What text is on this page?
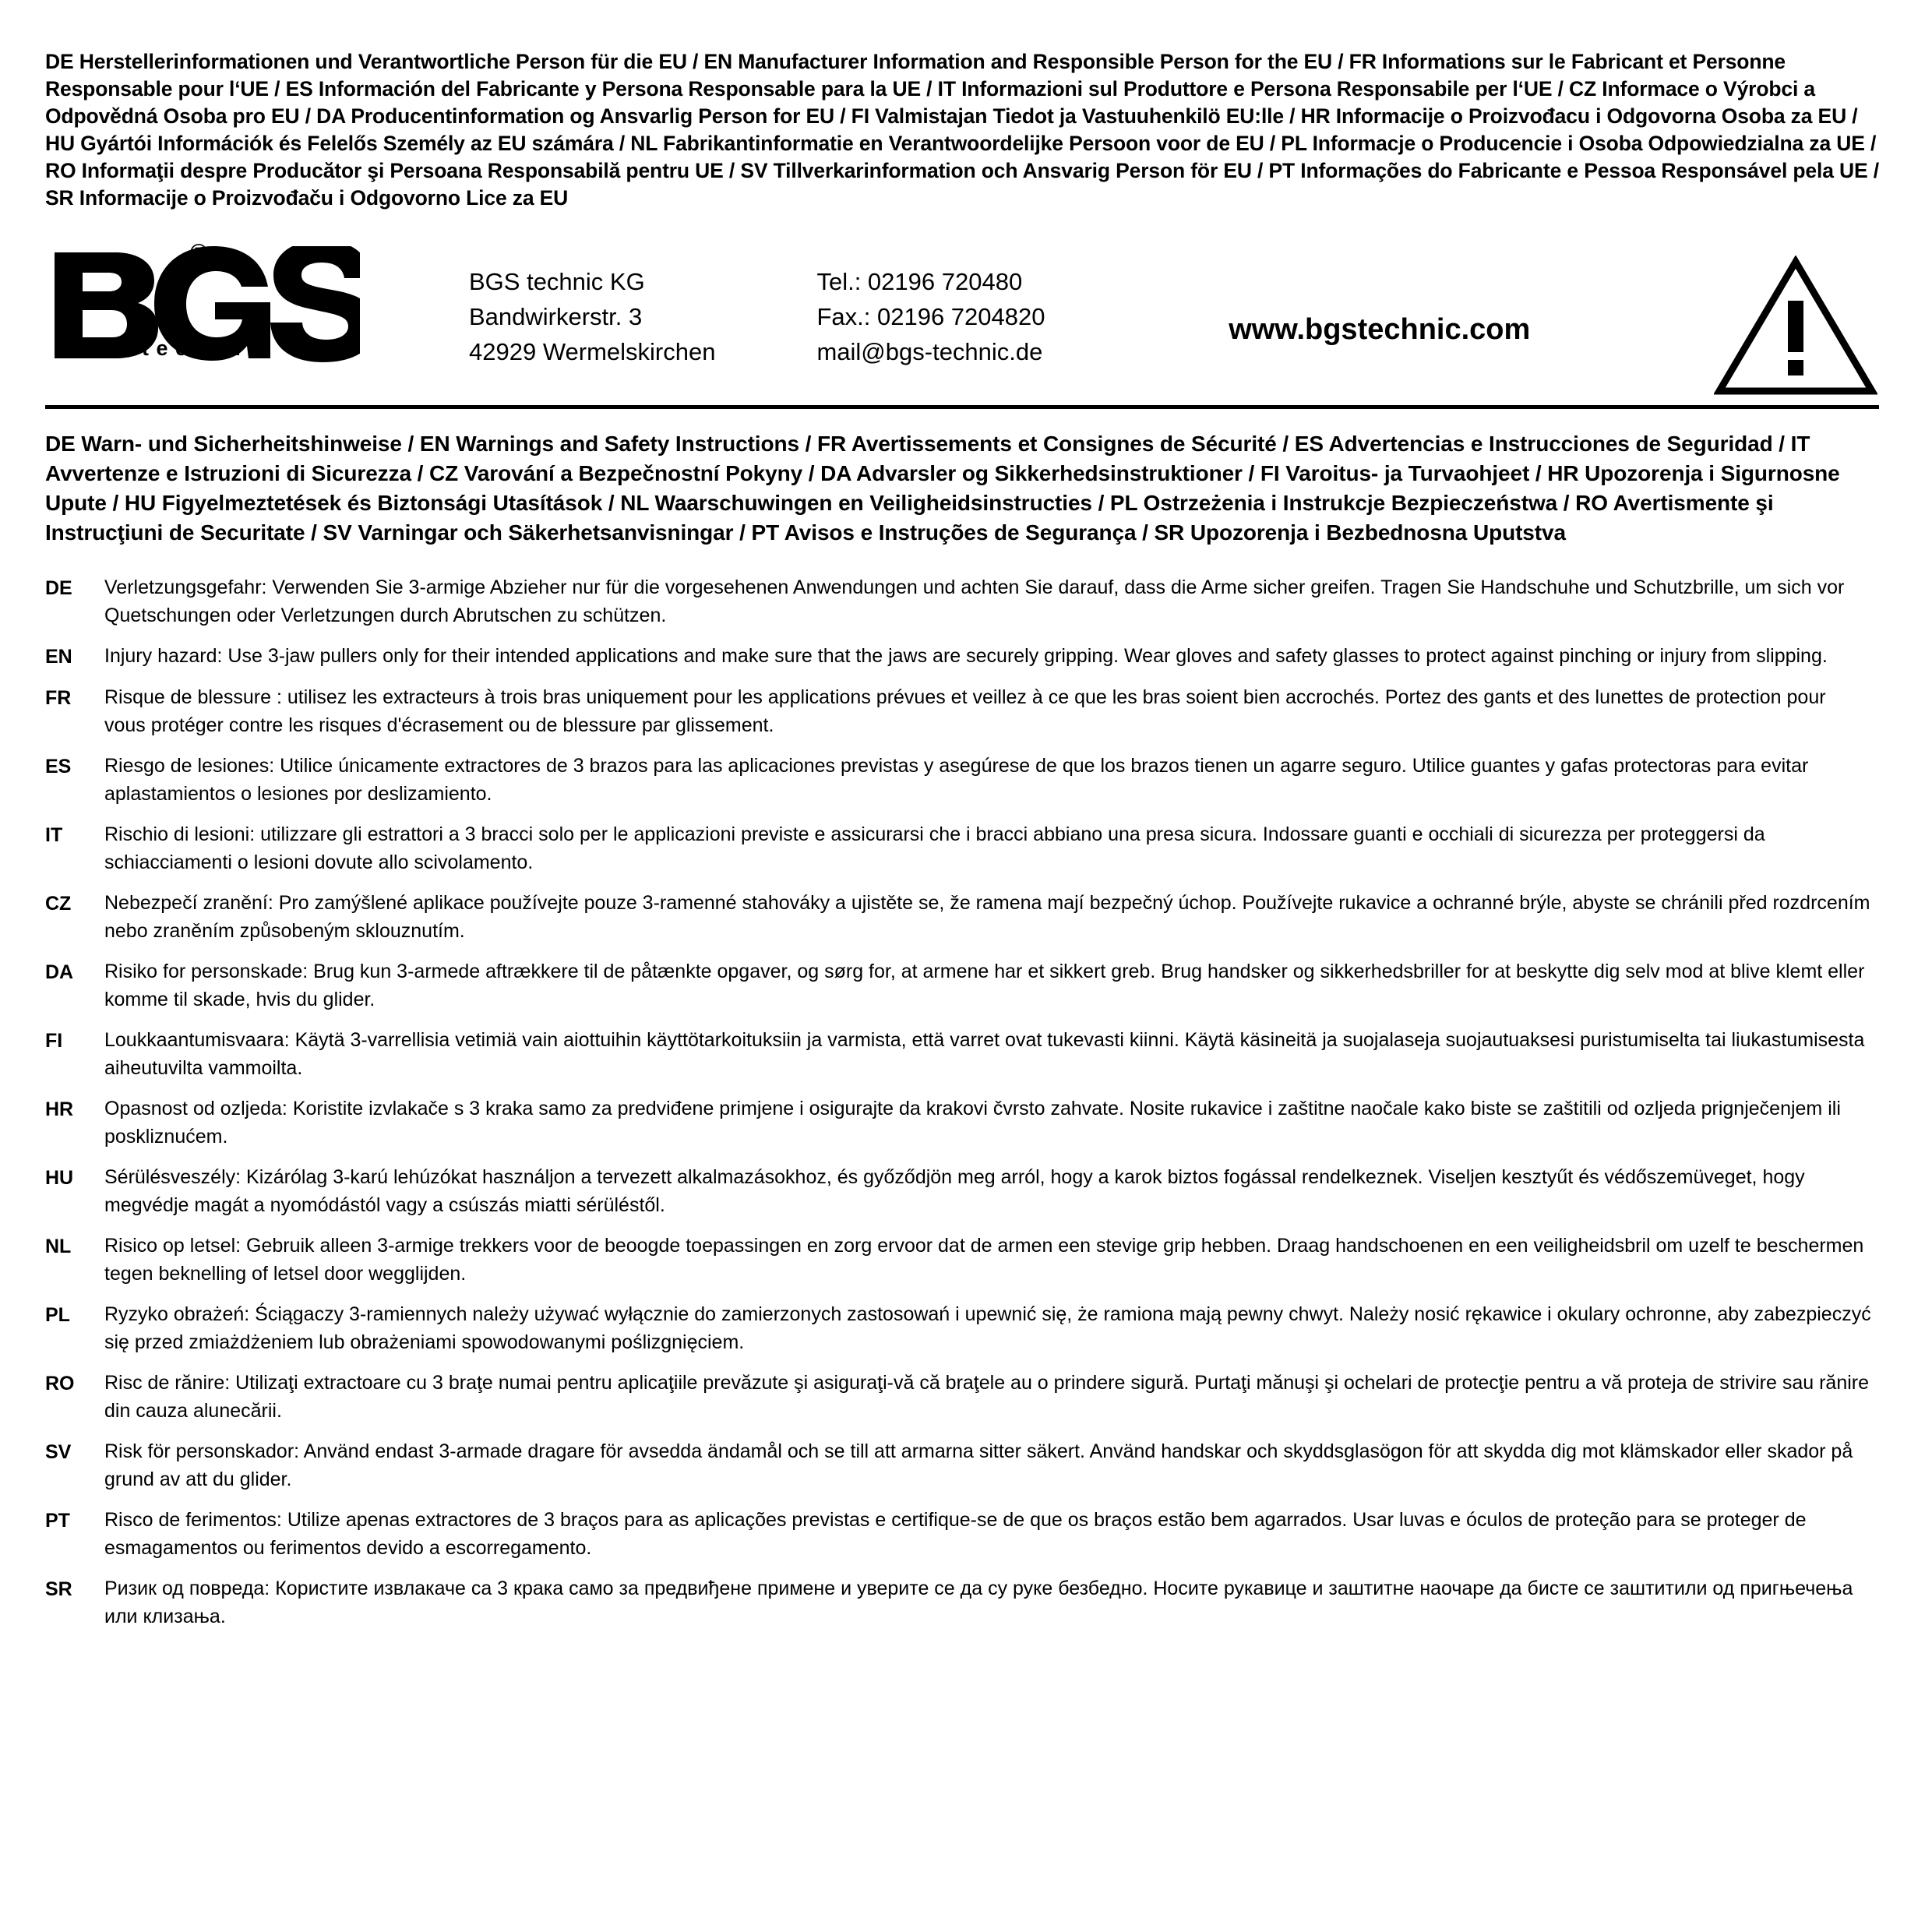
DE Herstellerinformationen und Verantwortliche Person für die EU / EN Manufacturer Information and Responsible Person for the EU / FR Informations sur le Fabricant et Personne Responsable pour l‘UE / ES Información del Fabricante y Persona Responsable para la UE / IT Informazioni sul Produttore e Persona Responsabile per l‘UE / CZ Informace o Výrobci a Odpovědná Osoba pro EU / DA Producentinformation og Ansvarlig Person for EU / FI Valmistajan Tiedot ja Vastuuhenkilö EU:lle / HR Informacije o Proizvođacu i Odgovorna Osoba za EU / HU Gyártói Információk és Felelős Személy az EU számára / NL Fabrikantinformatie en Verantwoordelijke Persoon voor de EU / PL Informacje o Producencie i Osoba Odpowiedzialna za UE / RO Informaţii despre Producător şi Persoana Responsabilă pentru UE / SV Tillverkarinformation och Ansvarig Person för EU / PT Informações do Fabricante e Pessoa Responsável pela UE / SR Informacije o Proizvođaču i Odgovorno Lice za EU
®
t e c h n i c
BGS technic KG
Bandwirkerstr. 3
42929 Wermelskirchen
Tel.: 02196 720480
Fax.: 02196 7204820
mail@bgs-technic.de
www.bgstechnic.com
DE Warn- und Sicherheitshinweise / EN Warnings and Safety Instructions / FR Avertissements et Consignes de Sécurité / ES Advertencias e Instrucciones de Seguridad / IT Avvertenze e Istruzioni di Sicurezza / CZ Varování a Bezpečnostní Pokyny / DA Advarsler og Sikkerhedsinstruktioner / FI Varoitus- ja Turvaohjeet / HR Upozorenja i Sigurnosne Upute / HU Figyelmeztetések és Biztonsági Utasítások / NL Waarschuwingen en Veiligheidsinstructies / PL Ostrzeżenia i Instrukcje Bezpieczeństwa / RO Avertismente şi Instrucţiuni de Securitate / SV Varningar och Säkerhetsanvisningar / PT Avisos e Instruções de Segurança / SR Upozorenja i Bezbednosna Uputstva
DE	Verletzungsgefahr: Verwenden Sie 3-armige Abzieher nur für die vorgesehenen Anwendungen und achten Sie darauf, dass die Arme sicher greifen. Tragen Sie Handschuhe und Schutzbrille, um sich vor Quetschungen oder Verletzungen durch Abrutschen zu schützen.
EN	Injury hazard: Use 3-jaw pullers only for their intended applications and make sure that the jaws are securely gripping. Wear gloves and safety glasses to protect against pinching or injury from slipping.
FR	Risque de blessure : utilisez les extracteurs à trois bras uniquement pour les applications prévues et veillez à ce que les bras soient bien accrochés. Portez des gants et des lunettes de protection pour vous protéger contre les risques d'écrasement ou de blessure par glissement.
ES	Riesgo de lesiones: Utilice únicamente extractores de 3 brazos para las aplicaciones previstas y asegúrese de que los brazos tienen un agarre seguro. Utilice guantes y gafas protectoras para evitar aplastamientos o lesiones por deslizamiento.
IT	Rischio di lesioni: utilizzare gli estrattori a 3 bracci solo per le applicazioni previste e assicurarsi che i bracci abbiano una presa sicura. Indossare guanti e occhiali di sicurezza per proteggersi da schiacciamenti o lesioni dovute allo scivolamento.
CZ	Nebezpečí zranění: Pro zamýšlené aplikace používejte pouze 3-ramenné stahováky a ujistěte se, že ramena mají bezpečný úchop. Používejte rukavice a ochranné brýle, abyste se chránili před rozdrcením nebo zraněním způsobeným sklouznutím.
DA	Risiko for personskade: Brug kun 3-armede aftrækkere til de påtænkte opgaver, og sørg for, at armene har et sikkert greb. Brug handsker og sikkerhedsbriller for at beskytte dig selv mod at blive klemt eller komme til skade, hvis du glider.
FI	Loukkaantumisvaara: Käytä 3-varrellisia vetimiä vain aiottuihin käyttötarkoituksiin ja varmista, että varret ovat tukevasti kiinni. Käytä käsineitä ja suojalaseja suojautuaksesi puristumiselta tai liukastumisesta aiheutuvilta vammoilta.
HR	Opasnost od ozljeda: Koristite izvlakače s 3 kraka samo za predviđene primjene i osigurajte da krakovi čvrsto zahvate. Nosite rukavice i zaštitne naočale kako biste se zaštitili od ozljeda prignječenjem ili poskliznućem.
HU	Sérülésveszély: Kizárólag 3-karú lehúzókat használjon a tervezett alkalmazásokhoz, és győződjön meg arról, hogy a karok biztos fogással rendelkeznek. Viseljen kesztyűt és védőszemüveget, hogy megvédje magát a nyomódástól vagy a csúszás miatti sérüléstől.
NL	Risico op letsel: Gebruik alleen 3-armige trekkers voor de beoogde toepassingen en zorg ervoor dat de armen een stevige grip hebben. Draag handschoenen en een veiligheidsbril om uzelf te beschermen tegen beknelling of letsel door wegglijden.
PL	Ryzyko obrażeń: Ściągaczy 3-ramiennych należy używać wyłącznie do zamierzonych zastosowań i upewnić się, że ramiona mają pewny chwyt. Należy nosić rękawice i okulary ochronne, aby zabezpieczyć się przed zmiażdżeniem lub obrażeniami spowodowanymi poślizgnięciem.
RO	Risc de rănire: Utilizaţi extractoare cu 3 braţe numai pentru aplicaţiile prevăzute şi asiguraţi-vă că braţele au o prindere sigură. Purtaţi mănuşi şi ochelari de protecţie pentru a vă proteja de strivire sau rănire din cauza alunecării.
SV	Risk för personskador: Använd endast 3-armade dragare för avsedda ändamål och se till att armarna sitter säkert. Använd handskar och skyddsglasögon för att skydda dig mot klämskador eller skador på grund av att du glider.
PT	Risco de ferimentos: Utilize apenas extractores de 3 braços para as aplicações previstas e certifique-se de que os braços estão bem agarrados. Usar luvas e óculos de proteção para se proteger de esmagamentos ou ferimentos devido a escorregamento.
SR	Ризик од повреда: Користите извлакаче са 3 крака само за предвиђене примене и уверите се да су руке безбедно. Носите рукавице и заштитне наочаре да бисте се заштитили од пригњечења или клизања.
